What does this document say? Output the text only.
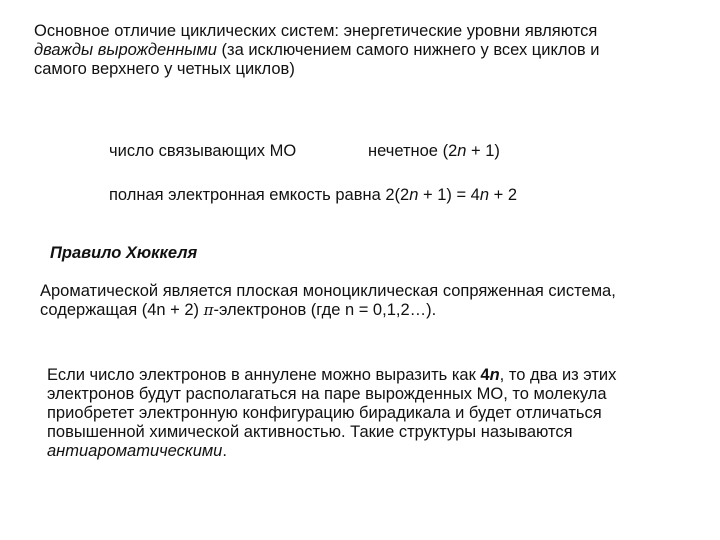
Основное отличие циклических систем: энергетические уровни являются
дважды вырожденными (за исключением самого нижнего у всех циклов и
самого верхнего у четных циклов)

число связывающих МО	нечетное (2n + 1)

полная электронная емкость равна 2(2n + 1) = 4n + 2

Правило Хюккеля

Ароматической является плоская моноциклическая сопряженная система,
содержащая (4n + 2) π-электронов (где n = 0,1,2…).

Если число электронов в аннулене можно выразить как 4n, то два из этих
электронов будут располагаться на паре вырожденных МО, то молекула
приобретет электронную конфигурацию бирадикала и будет отличаться
повышенной химической активностью. Такие структуры называются
антиароматическими.
